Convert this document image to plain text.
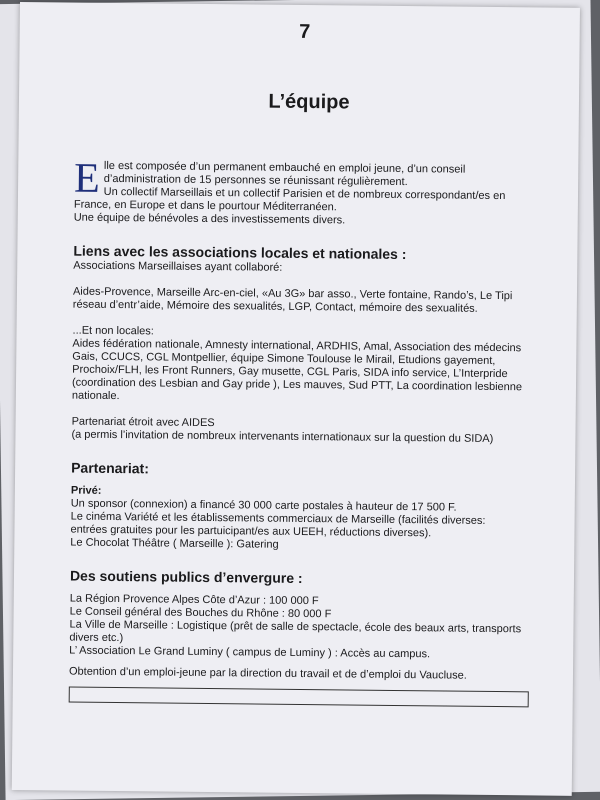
7
L’équipe
E lle est composée d’un permanent embauché en emploi jeune, d’un conseil

d’administration de 15 personnes se réunissant régulièrement.

Un collectif Marseillais et un collectif Parisien et de nombreux correspondant/es en

France, en Europe et dans le pourtour Méditerranéen.

Une équipe de bénévoles a des investissements divers.

Liens avec les associations locales et nationales :

Associations Marseillaises ayant collaboré:

Aides-Provence, Marseille Arc-en-ciel, «Au 3G» bar asso., Verte fontaine, Rando’s, Le Tipi

réseau d’entr’aide, Mémoire des sexualités, LGP, Contact, mémoire des sexualités.

...Et non locales:

Aides fédération nationale, Amnesty international, ARDHIS, Amal, Association des médecins

Gais, CCUCS, CGL Montpellier, équipe Simone Toulouse le Mirail, Etudions gayement,

Prochoix/FLH, les Front Runners, Gay musette, CGL Paris, SIDA info service, L’Interpride

(coordination des Lesbian and Gay pride ), Les mauves, Sud PTT, La coordination lesbienne

nationale.

Partenariat étroit avec AIDES

(a permis l’invitation de nombreux intervenants internationaux sur la question du SIDA)

Partenariat:

Privé:

Un sponsor (connexion) a financé 30 000 carte postales à hauteur de 17 500 F.

Le cinéma Variété et les établissements commerciaux de Marseille (facilités diverses:

entrées gratuites pour les partuicipant/es aux UEEH, réductions diverses).

Le Chocolat Théâtre ( Marseille ): Gatering

Des soutiens publics d’envergure :

La Région Provence Alpes Côte d’Azur : 100 000 F

Le Conseil général des Bouches du Rhône : 80 000 F

La Ville de Marseille : Logistique (prêt de salle de spectacle, école des beaux arts, transports

divers etc.)

L’ Association Le Grand Luminy ( campus de Luminy ) : Accès au campus.

Obtention d’un emploi-jeune par la direction du travail et de d’emploi du Vaucluse.
